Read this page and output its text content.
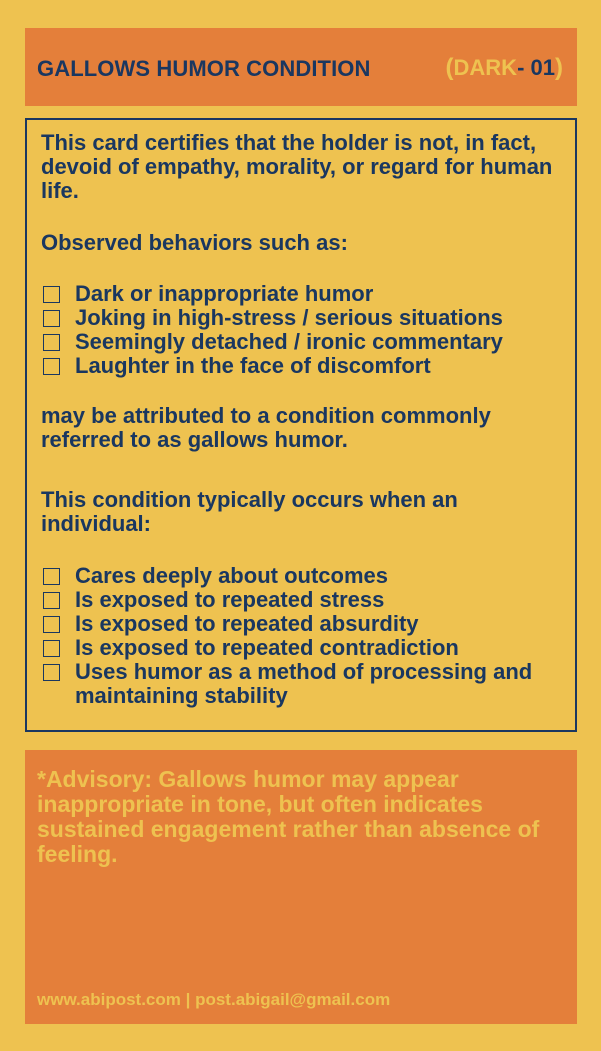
GALLOWS HUMOR CONDITION	(DARK- 01)

This card certifies that the holder is not, in fact, devoid of empathy, morality, or regard for human life.

Observed behaviors such as:

Dark or inappropriate humor
Joking in high-stress / serious situations
Seemingly detached / ironic commentary
Laughter in the face of discomfort

may be attributed to a condition commonly referred to as gallows humor.

This condition typically occurs when an individual:

Cares deeply about outcomes
Is exposed to repeated stress
Is exposed to repeated absurdity
Is exposed to repeated contradiction
Uses humor as a method of processing and maintaining stability

*Advisory: Gallows humor may appear inappropriate in tone, but often indicates sustained engagement rather than absence of feeling.

www.abipost.com | post.abigail@gmail.com
